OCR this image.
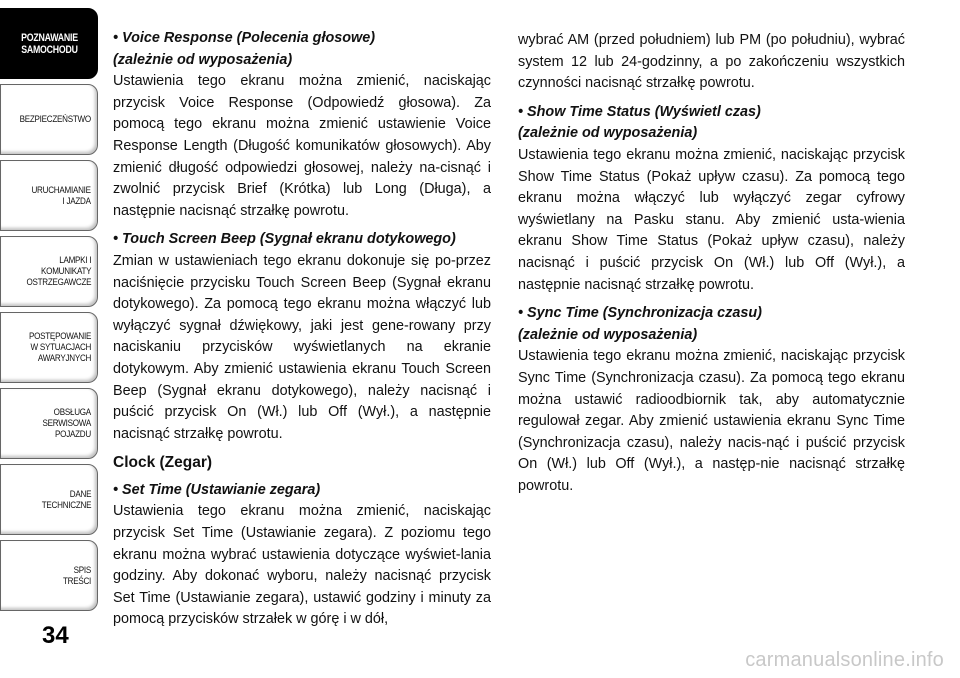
POZNAWANIE
SAMOCHODU
BEZPIECZEŃSTWO
URUCHAMIANIE
I JAZDA
LAMPKI I
KOMUNIKATY
OSTRZEGAWCZE
POSTĘPOWANIE
W SYTUACJACH
AWARYJNYCH
OBSŁUGA
SERWISOWA
POJAZDU
DANE
TECHNICZNE
SPIS
TREŚCI
34

• Voice Response (Polecenia głosowe)
(zależnie od wyposażenia)
Ustawienia tego ekranu można zmienić, naciskając przycisk Voice Response (Odpowiedź głosowa). Za pomocą tego ekranu można zmienić ustawienie Voice Response Length (Długość komunikatów głosowych). Aby zmienić długość odpowiedzi głosowej, należy na-cisnąć i zwolnić przycisk Brief (Krótka) lub Long (Długa), a następnie nacisnąć strzałkę powrotu.

• Touch Screen Beep (Sygnał ekranu dotykowego)
Zmian w ustawieniach tego ekranu dokonuje się po-przez naciśnięcie przycisku Touch Screen Beep (Sygnał ekranu dotykowego). Za pomocą tego ekranu można włączyć lub wyłączyć sygnał dźwiękowy, jaki jest gene-rowany przy naciskaniu przycisków wyświetlanych na ekranie dotykowym. Aby zmienić ustawienia ekranu Touch Screen Beep (Sygnał ekranu dotykowego), należy nacisnąć i puścić przycisk On (Wł.) lub Off (Wył.), a następnie nacisnąć strzałkę powrotu.

Clock (Zegar)

• Set Time (Ustawianie zegara)
Ustawienia tego ekranu można zmienić, naciskając przycisk Set Time (Ustawianie zegara). Z poziomu tego ekranu można wybrać ustawienia dotyczące wyświet-lania godziny. Aby dokonać wyboru, należy nacisnąć przycisk Set Time (Ustawianie zegara), ustawić godziny i minuty za pomocą przycisków strzałek w górę i w dół,

wybrać AM (przed południem) lub PM (po południu), wybrać system 12 lub 24-godzinny, a po zakończeniu wszystkich czynności nacisnąć strzałkę powrotu.

• Show Time Status (Wyświetl czas)
(zależnie od wyposażenia)
Ustawienia tego ekranu można zmienić, naciskając przycisk Show Time Status (Pokaż upływ czasu). Za pomocą tego ekranu można włączyć lub wyłączyć zegar cyfrowy wyświetlany na Pasku stanu. Aby zmienić usta-wienia ekranu Show Time Status (Pokaż upływ czasu), należy nacisnąć i puścić przycisk On (Wł.) lub Off (Wył.), a następnie nacisnąć strzałkę powrotu.

• Sync Time (Synchronizacja czasu)
(zależnie od wyposażenia)
Ustawienia tego ekranu można zmienić, naciskając przycisk Sync Time (Synchronizacja czasu). Za pomocą tego ekranu można ustawić radioodbiornik tak, aby automatycznie regulował zegar. Aby zmienić ustawienia ekranu Sync Time (Synchronizacja czasu), należy nacis-nąć i puścić przycisk On (Wł.) lub Off (Wył.), a następ-nie nacisnąć strzałkę powrotu.

carmanualsonline.info
